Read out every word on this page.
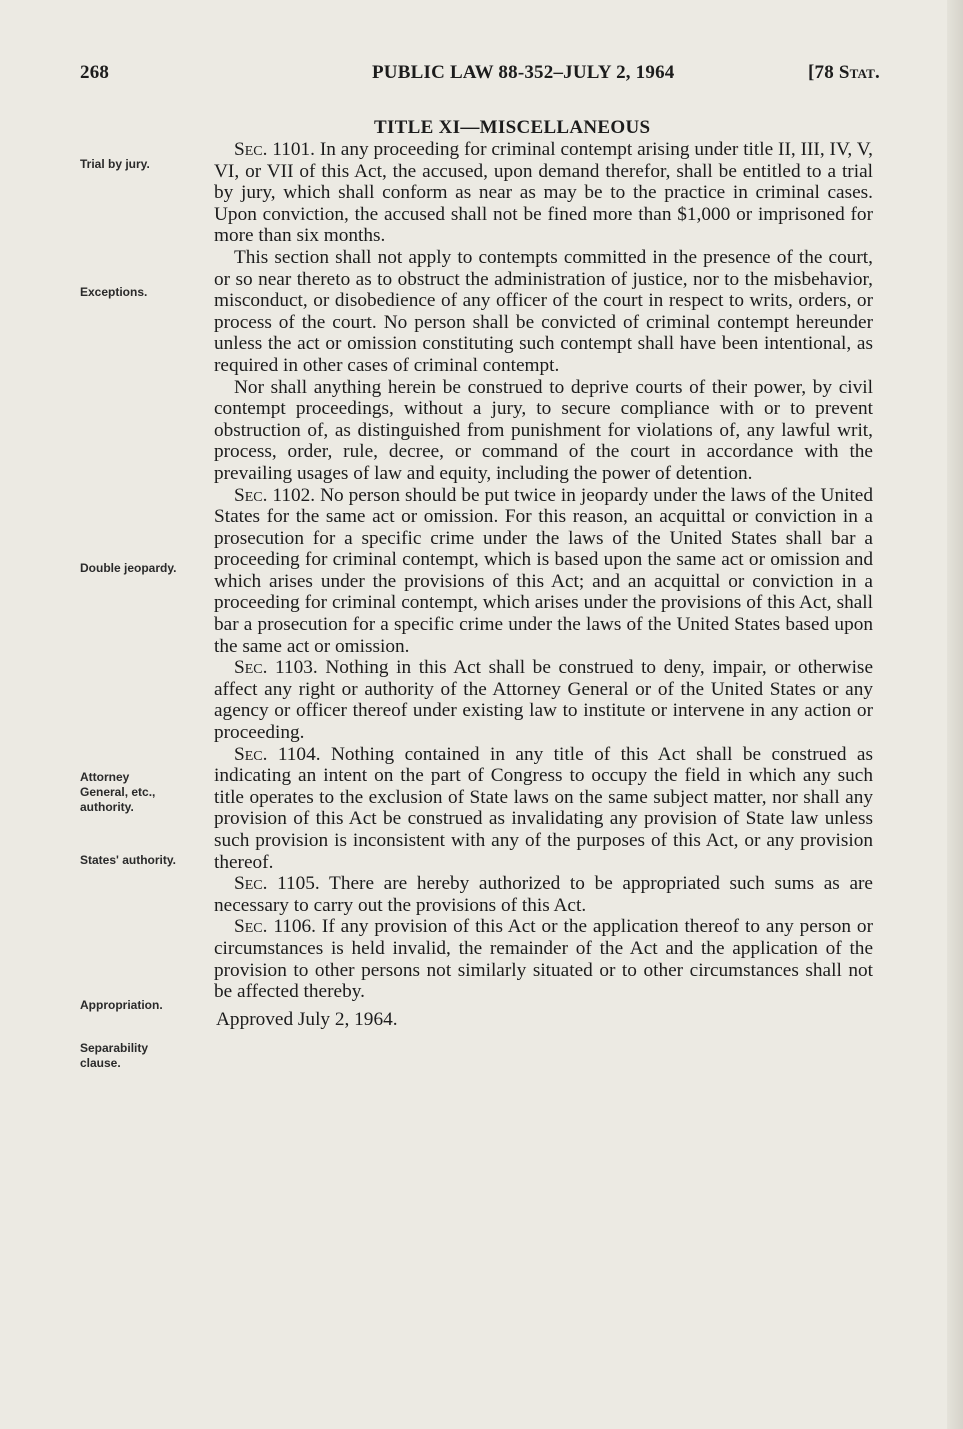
268	PUBLIC LAW 88-352–JULY 2, 1964	[78 Stat.
TITLE XI—MISCELLANEOUS
Trial by jury.
Exceptions.
Double jeopardy.
Attorney General, etc., authority.
States' authority.
Appropriation.
Separability clause.

Sec. 1101. In any proceeding for criminal contempt arising under title II, III, IV, V, VI, or VII of this Act, the accused, upon demand therefor, shall be entitled to a trial by jury, which shall conform as near as may be to the practice in criminal cases. Upon conviction, the accused shall not be fined more than $1,000 or imprisoned for more than six months.

This section shall not apply to contempts committed in the presence of the court, or so near thereto as to obstruct the administration of justice, nor to the misbehavior, misconduct, or disobedience of any officer of the court in respect to writs, orders, or process of the court. No person shall be convicted of criminal contempt hereunder unless the act or omission constituting such contempt shall have been intentional, as required in other cases of criminal contempt.

Nor shall anything herein be construed to deprive courts of their power, by civil contempt proceedings, without a jury, to secure compliance with or to prevent obstruction of, as distinguished from punishment for violations of, any lawful writ, process, order, rule, decree, or command of the court in accordance with the prevailing usages of law and equity, including the power of detention.

Sec. 1102. No person should be put twice in jeopardy under the laws of the United States for the same act or omission. For this reason, an acquittal or conviction in a prosecution for a specific crime under the laws of the United States shall bar a proceeding for criminal contempt, which is based upon the same act or omission and which arises under the provisions of this Act; and an acquittal or conviction in a proceeding for criminal contempt, which arises under the provisions of this Act, shall bar a prosecution for a specific crime under the laws of the United States based upon the same act or omission.

Sec. 1103. Nothing in this Act shall be construed to deny, impair, or otherwise affect any right or authority of the Attorney General or of the United States or any agency or officer thereof under existing law to institute or intervene in any action or proceeding.

Sec. 1104. Nothing contained in any title of this Act shall be construed as indicating an intent on the part of Congress to occupy the field in which any such title operates to the exclusion of State laws on the same subject matter, nor shall any provision of this Act be construed as invalidating any provision of State law unless such provision is inconsistent with any of the purposes of this Act, or any provision thereof.

Sec. 1105. There are hereby authorized to be appropriated such sums as are necessary to carry out the provisions of this Act.

Sec. 1106. If any provision of this Act or the application thereof to any person or circumstances is held invalid, the remainder of the Act and the application of the provision to other persons not similarly situated or to other circumstances shall not be affected thereby.

Approved July 2, 1964.
